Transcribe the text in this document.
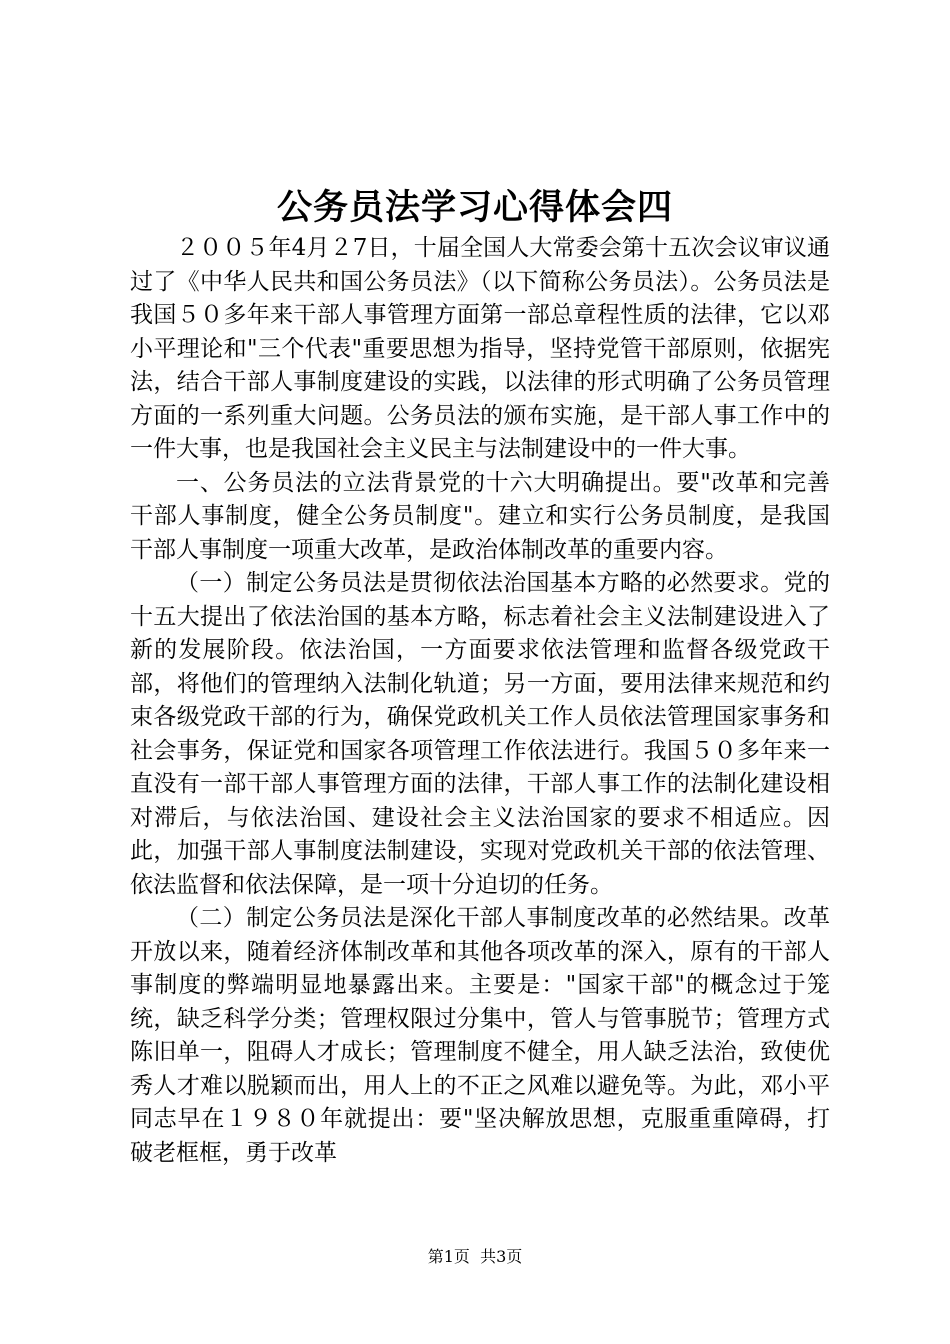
公务员法学习心得体会四

２００５年4月２7日，十届全国人大常委会第十五次会议审议通过了《中华人民共和国公务员法》（以下简称公务员法）。公务员法是我国５０多年来干部人事管理方面第一部总章程性质的法律，它以邓小平理论和"三个代表"重要思想为指导，坚持党管干部原则，依据宪法，结合干部人事制度建设的实践，以法律的形式明确了公务员管理方面的一系列重大问题。公务员法的颁布实施，是干部人事工作中的一件大事，也是我国社会主义民主与法制建设中的一件大事。

一、公务员法的立法背景党的十六大明确提出。要"改革和完善干部人事制度，健全公务员制度"。建立和实行公务员制度，是我国干部人事制度一项重大改革，是政治体制改革的重要内容。

（一）制定公务员法是贯彻依法治国基本方略的必然要求。党的十五大提出了依法治国的基本方略，标志着社会主义法制建设进入了新的发展阶段。依法治国，一方面要求依法管理和监督各级党政干部，将他们的管理纳入法制化轨道；另一方面，要用法律来规范和约束各级党政干部的行为，确保党政机关工作人员依法管理国家事务和社会事务，保证党和国家各项管理工作依法进行。我国５０多年来一直没有一部干部人事管理方面的法律，干部人事工作的法制化建设相对滞后，与依法治国、建设社会主义法治国家的要求不相适应。因此，加强干部人事制度法制建设，实现对党政机关干部的依法管理、依法监督和依法保障，是一项十分迫切的任务。

（二）制定公务员法是深化干部人事制度改革的必然结果。改革开放以来，随着经济体制改革和其他各项改革的深入，原有的干部人事制度的弊端明显地暴露出来。主要是："国家干部"的概念过于笼统，缺乏科学分类；管理权限过分集中，管人与管事脱节；管理方式陈旧单一，阻碍人才成长；管理制度不健全，用人缺乏法治，致使优秀人才难以脱颖而出，用人上的不正之风难以避免等。为此，邓小平同志早在１９８０年就提出：要"坚决解放思想，克服重重障碍，打破老框框，勇于改革

第1页  共3页
